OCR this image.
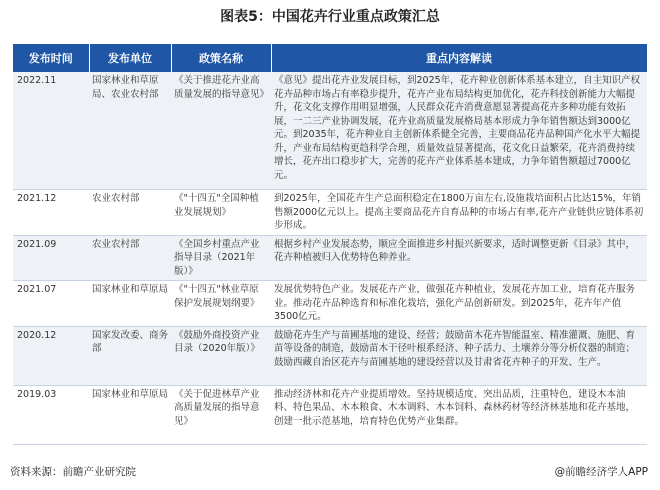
图表5：中国花卉行业重点政策汇总
发布时间	发布单位	政策名称	重点内容解读
2022.11	国家林业和草原局、农业农村部	《关于推进花卉业高质量发展的指导意见》	《意见》提出花卉业发展目标，到2025年，花卉种业创新体系基本建立，自主知识产权花卉品种市场占有率稳步提升，花卉产业布局结构更加优化，花卉科技创新能力大幅提升，花文化支撑作用明显增强，人民群众花卉消费意愿显著提高花卉多种功能有效拓展，一二三产业协调发展，花卉业高质量发展格局基本形成力争年销售额达到3000亿元。到2035年，花卉种业自主创新体系健全完善，主要商品花卉品种国产化水平大幅提升，产业布局结构更趋科学合理，质量效益显著提高，花文化日益繁荣，花卉消费持续增长，花卉出口稳步扩大，完善的花卉产业体系基本建成，力争年销售额超过7000亿元。
2021.12	农业农村部	《"十四五"全国种植业发展规划》	到2025年，全国花卉生产总面积稳定在1800万亩左右,设施栽培面积占比达15%，年销售额2000亿元以上。提高主要商品花卉自育品种的市场占有率,花卉产业链供应链体系初步形成。
2021.09	农业农村部	《全国乡村重点产业指导目录（2021年版）》	根据乡村产业发展态势，顺应全面推进乡村振兴新要求，适时调整更新《目录》其中，花卉种植被归入优势特色种养业。
2021.07	国家林业和草原局	《"十四五"林业草原保护发展规划纲要》	发展优势特色产业。发展花卉产业，做强花卉种植业，发展花卉加工业，培育花卉服务业。推动花卉品种选育和标准化栽培，强化产品创新研发。到2025年，花卉年产值3500亿元。
2020.12	国家发改委、商务部	《鼓励外商投资产业目录（2020年版）》	鼓励花卉生产与苗圃基地的建设、经营；鼓励苗木花卉智能温室、精准灌溉、施肥、育苗等设备的制造，鼓励苗木干径叶根系经济、种子活力、土壤养分等分析仪器的制造；鼓励西藏自治区花卉与苗圃基地的建设经营以及甘肃省花卉种子的开发、生产。
2019.03	国家林业和草原局	《关于促进林草产业高质量发展的指导意见》	推动经济林和花卉产业提质增效。坚持规模适度、突出品质，注重特色，建设木本油料、特色果品、木本粮食、木本调料、木本饲料、森林药材等经济林基地和花卉基地，创建一批示范基地，培育特色优势产业集群。
资料来源：前瞻产业研究院	@前瞻经济学人APP
